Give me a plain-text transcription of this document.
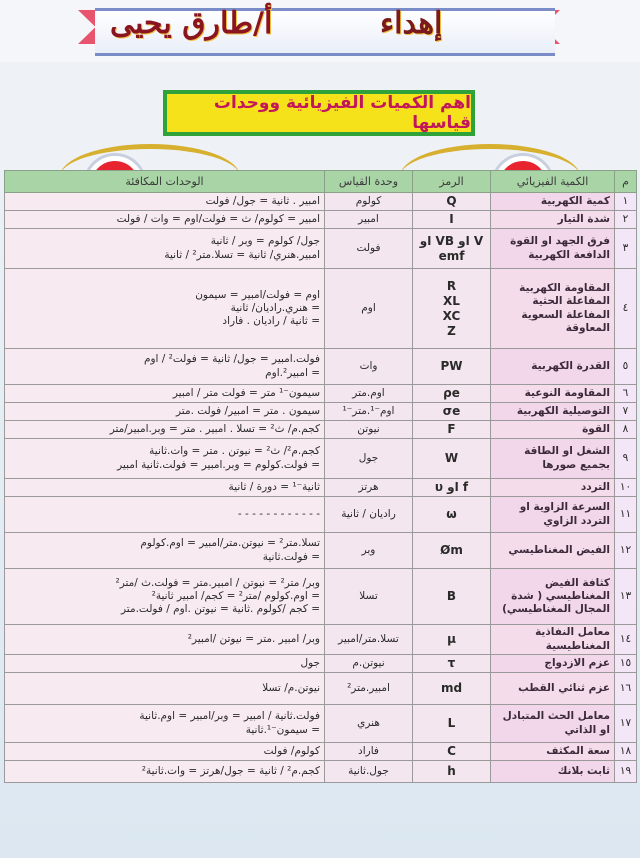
إهداء
أ/طارق يحيى
اهم الكميات الفيزيائية ووحدات قياسها
م	الكمية الفيزيائي	الرمز	وحدة القياس	الوحدات المكافئة
١	كمية الكهربية	Q	كولوم	امبير . ثانية = جول/ فولت
٢	شدة التيار	I	امبير	امبير = كولوم/ ث = فولت/اوم = وات / فولت
٣	فرق الجهد او القوة الدافعة الكهربية	V او VB او emf	فولت	جول/ كولوم = وبر / ثانية
امبير.هنري/ ثانية = تسلا.متر² / ثانية
٤	المقاومة الكهربية المفاعلة الحثية المفاعلة السعوية المعاوقة	R
XL
XC
Z	اوم	اوم = فولت/امبير = سيمون
= هنري.راديان/ ثانية
= ثانية / راديان . فاراد
٥	القدرة الكهربية	PW	وات	فولت.امبير = جول/ ثانية = فولت² / اوم
= امبير².اوم
٦	المقاومة النوعية	ρe	اوم.متر	سيمون⁻¹ متر = فولت متر / امبير
٧	التوصيلية الكهربية	σe	اوم⁻¹.متر⁻¹	سيمون . متر = امبير/ فولت .متر
٨	القوة	F	نيوتن	كجم.م/ ث² = تسلا . امبير . متر = وبر.امبير/متر
٩	الشغل او الطاقة بجميع صورها	W	جول	كجم.م²/ ث² = نيوتن . متر = وات.ثانية
= فولت.كولوم = وبر.امبير = فولت.ثانية امبير
١٠	التردد	f او υ	هرتز	ثانية⁻¹ = دورة / ثانية
١١	السرعة الزاوية او التردد الزاوي	ω	راديان / ثانية	- - - - - - - - - - - -
١٢	الفيض المغناطيسي	Øm	وبر	تسلا.متر² = نيوتن.متر/امبير = اوم.كولوم
= فولت.ثانية
١٣	كثافة الفيض المغناطيسي ( شدة المجال المغناطيسي)	B	تسلا	وبر/ متر² = نيوتن / امبير.متر = فولت.ث /متر²
= اوم.كولوم /متر² = كجم/ امبير ثانية²
= كجم /كولوم .ثانية = نيوتن .اوم / فولت.متر
١٤	معامل النفاذية المغناطيسية	μ	تسلا.متر/امبير	وبر/ امبير .متر = نيوتن /امبير²
١٥	عزم الازدواج	τ	نيوتن.م	جول
١٦	عزم ثنائي القطب	md	امبير.متر²	نيوتن.م/ تسلا
١٧	معامل الحث المتبادل او الذاتي	L	هنري	فولت.ثانية / امبير = وبر/امبير = اوم.ثانية
= سيمون⁻¹.ثانية
١٨	سعة المكثف	C	فاراد	كولوم/ فولت
١٩	ثابت بلانك	h	جول.ثانية	كجم.م² / ثانية = جول/هرتز = وات.ثانية²
